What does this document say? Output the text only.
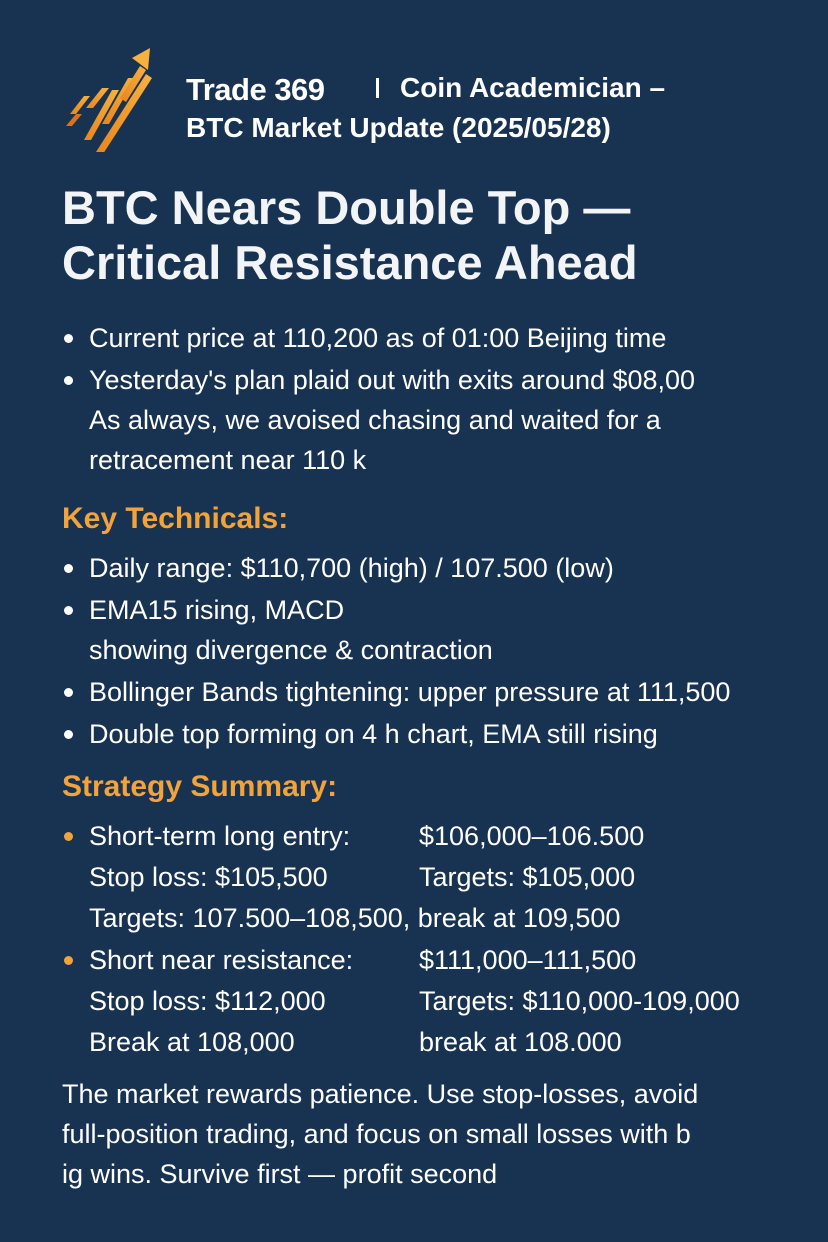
Trade 369	Coin Academician –
BTC Market Update (2025/05/28)
BTC Nears Double Top —
Critical Resistance Ahead
Current price at 110,200 as of 01:00 Beijing time
Yesterday's plan plaid out with exits around $08,00
As always, we avoised chasing and waited for a
retracement near 110 k
Key Technicals:
Daily range: $110,700 (high) / 107.500 (low)
EMA15 rising, MACD
showing divergence & contraction
Bollinger Bands tightening: upper pressure at 111,500
Double top forming on 4 h chart, EMA still rising
Strategy Summary:
Short-term long entry:	$106,000–106.500
Stop loss: $105,500	Targets: $105,000
Targets: 107.500–108,500, break at 109,500
Short near resistance: $111,000–111,500
Stop loss: $112,000	Targets: $110,000-109,000
Break at 108,000	break at 108.000
The market rewards patience. Use stop-losses, avoid
full-position trading, and focus on small losses with b
ig wins. Survive first — profit second
